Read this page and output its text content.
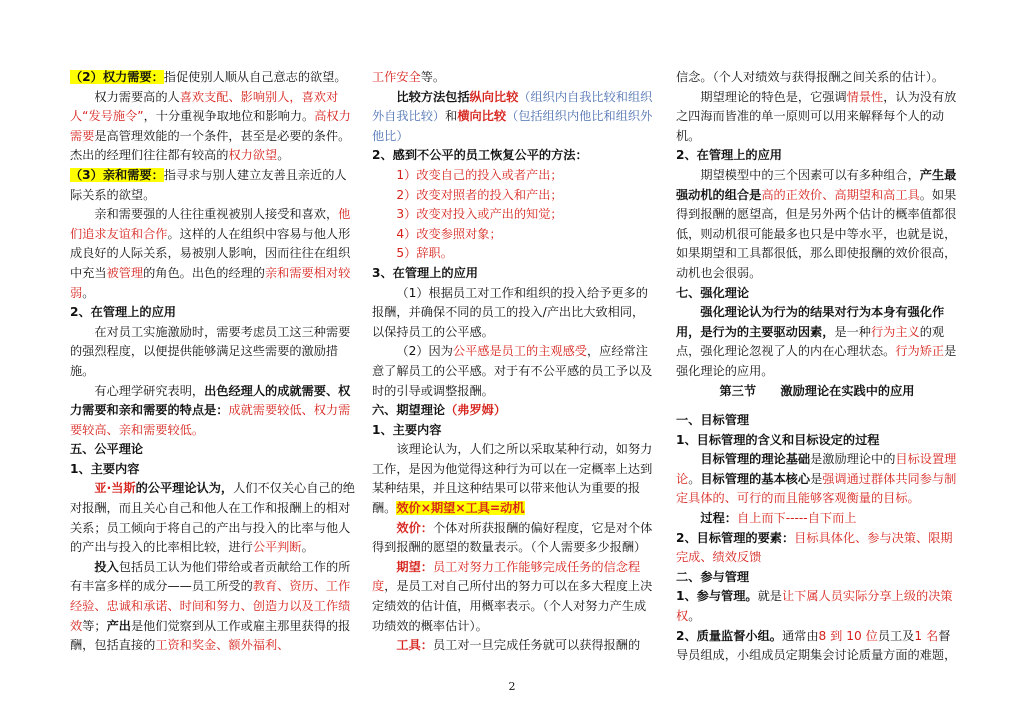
（2）权力需要：指促使别人顺从自己意志的欲望。

权力需要高的人喜欢支配、影响别人，喜欢对人“发号施令”，十分重视争取地位和影响力。高权力需要是高管理效能的一个条件，甚至是必要的条件。杰出的经理们往往都有较高的权力欲望。

（3）亲和需要：指寻求与别人建立友善且亲近的人际关系的欲望。

亲和需要强的人往往重视被别人接受和喜欢，他们追求友谊和合作。这样的人在组织中容易与他人形成良好的人际关系，易被别人影响，因而往往在组织中充当被管理的角色。出色的经理的亲和需要相对较弱。

2、在管理上的应用

在对员工实施激励时，需要考虑员工这三种需要的强烈程度，以便提供能够满足这些需要的激励措施。

有心理学研究表明，出色经理人的成就需要、权力需要和亲和需要的特点是：成就需要较低、权力需要较高、亲和需要较低。

五、公平理论

1、主要内容

亚·当斯的公平理论认为，人们不仅关心自己的绝对报酬，而且关心自己和他人在工作和报酬上的相对关系；员工倾向于将自己的产出与投入的比率与他人的产出与投入的比率相比较，进行公平判断。

投入包括员工认为他们带给或者贡献给工作的所有丰富多样的成分——员工所受的教育、资历、工作经验、忠诚和承诺、时间和努力、创造力以及工作绩效等；产出是他们觉察到从工作或雇主那里获得的报酬，包括直接的工资和奖金、额外福利、

工作安全等。

比较方法包括纵向比较（组织内自我比较和组织外自我比较）和横向比较（包括组织内他比和组织外他比）

2、感到不公平的员工恢复公平的方法：

1）改变自己的投入或者产出；

2）改变对照者的投入和产出；

3）改变对投入或产出的知觉；

4）改变参照对象；

5）辞职。

3、在管理上的应用

（1）根据员工对工作和组织的投入给予更多的报酬，并确保不同的员工的投入/产出比大致相同，以保持员工的公平感。

（2）因为公平感是员工的主观感受，应经常注意了解员工的公平感。对于有不公平感的员工予以及时的引导或调整报酬。

六、期望理论（弗罗姆）

1、主要内容

该理论认为，人们之所以采取某种行动，如努力工作，是因为他觉得这种行为可以在一定概率上达到某种结果，并且这种结果可以带来他认为重要的报酬。效价×期望×工具=动机

效价：个体对所获报酬的偏好程度，它是对个体得到报酬的愿望的数量表示。（个人需要多少报酬）

期望：员工对努力工作能够完成任务的信念程度，是员工对自己所付出的努力可以在多大程度上决定绩效的估计值，用概率表示。（个人对努力产生成功绩效的概率估计）。

工具：员工对一旦完成任务就可以获得报酬的

信念。（个人对绩效与获得报酬之间关系的估计）。

期望理论的特色是，它强调情景性，认为没有放之四海而皆准的单一原则可以用来解释每个人的动机。

2、在管理上的应用

期望模型中的三个因素可以有多种组合，产生最强动机的组合是高的正效价、高期望和高工具。如果得到报酬的愿望高，但是另外两个估计的概率值都很低，则动机很可能最多也只是中等水平，也就是说，如果期望和工具都很低，那么即使报酬的效价很高，动机也会很弱。

七、强化理论

强化理论认为行为的结果对行为本身有强化作用，是行为的主要驱动因素，是一种行为主义的观点，强化理论忽视了人的内在心理状态。行为矫正是强化理论的应用。

第三节　　激励理论在实践中的应用

一、目标管理

1、目标管理的含义和目标设定的过程

目标管理的理论基础是激励理论中的目标设置理论。目标管理的基本核心是强调通过群体共同参与制定具体的、可行的而且能够客观衡量的目标。

过程：自上而下-----自下而上

2、目标管理的要素：目标具体化、参与决策、限期完成、绩效反馈

二、参与管理

1、参与管理。就是让下属人员实际分享上级的决策权。

2、质量监督小组。通常由8 到 10 位员工及1 名督导员组成，小组成员定期集会讨论质量方面的难题，

2
